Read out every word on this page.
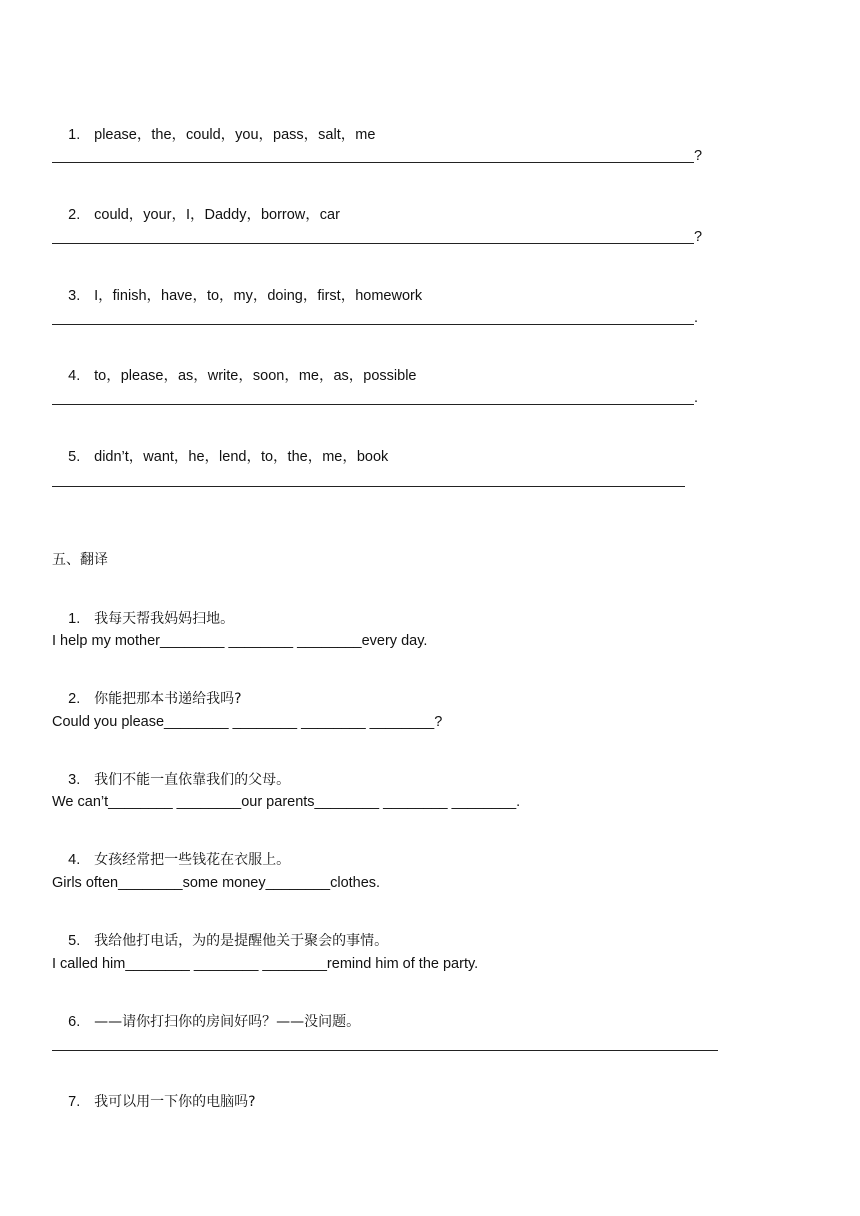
1. please，the，could，you，pass，salt，me

?

2. could，your，I，Daddy，borrow，car

?

3. I，finish，have，to，my，doing，first，homework

.

4. to，please，as，write，soon，me，as，possible

.

5. didn’t，want，he，lend，to，the，me，book

五、翻译

1. 我每天帮我妈妈扫地。

I help my mother________ ________ ________every day.

2. 你能把那本书递给我吗?

Could you please________ ________ ________ ________?

3. 我们不能一直依靠我们的父母。

We can’t________ ________our parents________ ________ ________.

4. 女孩经常把一些钱花在衣服上。

Girls often________some money________clothes.

5. 我给他打电话，为的是提醒他关于聚会的事情。

I called him________ ________ ________remind him of the party.

6. ——请你打扫你的房间好吗？——没问题。

7. 我可以用一下你的电脑吗?
